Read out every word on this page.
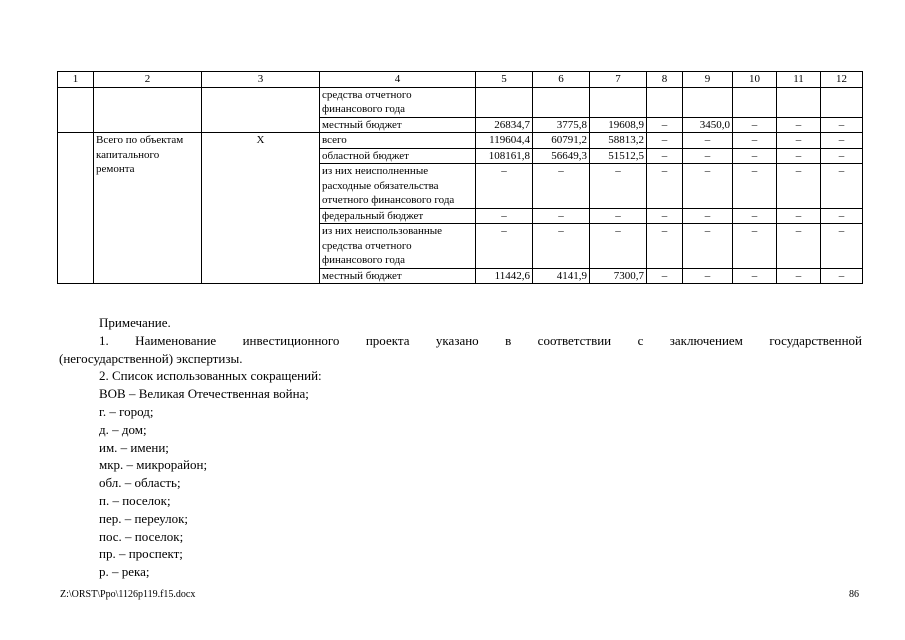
1	2	3	4	5	6	7	8	9	10	11	12
			средства отчетного финансового года								
			местный бюджет	26834,7	3775,8	19608,9	–	3450,0	–	–	–
	Всего по объектам капитального ремонта	X	всего	119604,4	60791,2	58813,2	–	–	–	–	–
			областной бюджет	108161,8	56649,3	51512,5	–	–	–	–	–
			из них неисполненные расходные обязательства отчетного финансового года	–	–	–	–	–	–	–	–
			федеральный бюджет	–	–	–	–	–	–	–	–
			из них неиспользованные средства отчетного финансового года	–	–	–	–	–	–	–	–
			местный бюджет	11442,6	4141,9	7300,7	–	–	–	–	–

Примечание.

1. Наименование инвестиционного проекта указано в соответствии с заключением государственной

(негосударственной) экспертизы.

2. Список использованных сокращений:

ВОВ – Великая Отечественная война;

г. – город;

д. – дом;

им. – имени;

мкр. – микрорайон;

обл. – область;

п. – поселок;

пер. – переулок;

пос. – поселок;

пр. – проспект;

р. – река;

Z:\ORST\Ppo\1126p119.f15.docx	86
